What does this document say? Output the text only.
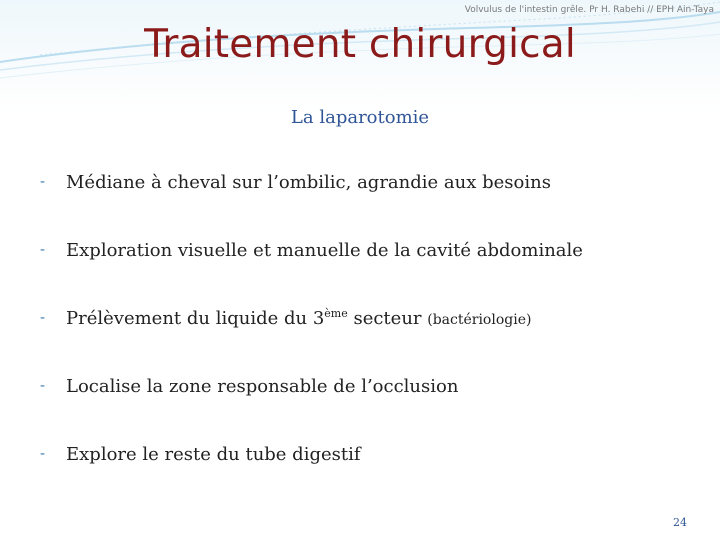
Volvulus de l'intestin grêle. Pr H. Rabehi // EPH Ain-Taya
Traitement chirurgical
La laparotomie
- Médiane à cheval sur l’ombilic, agrandie aux besoins
- Exploration visuelle et manuelle de la cavité abdominale
- Prélèvement du liquide du 3ème secteur (bactériologie)
- Localise la zone responsable de l’occlusion
- Explore le reste du tube digestif
24
